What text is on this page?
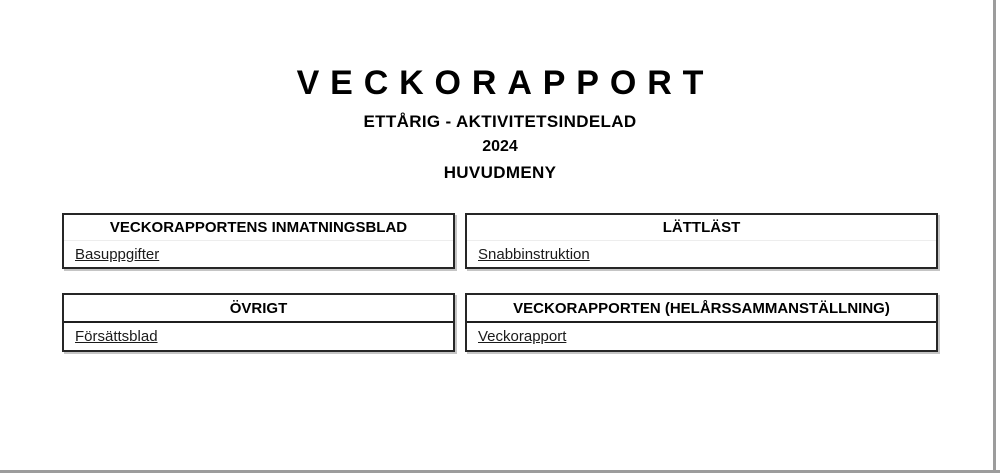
VECKORAPPORT
ETTÅRIG - AKTIVITETSINDELAD
2024
HUVUDMENY
VECKORAPPORTENS INMATNINGSBLAD
Basuppgifter
LÄTTLÄST
Snabbinstruktion
ÖVRIGT
Försättsblad
VECKORAPPORTEN (HELÅRSSAMMANSTÄLLNING)
Veckorapport
